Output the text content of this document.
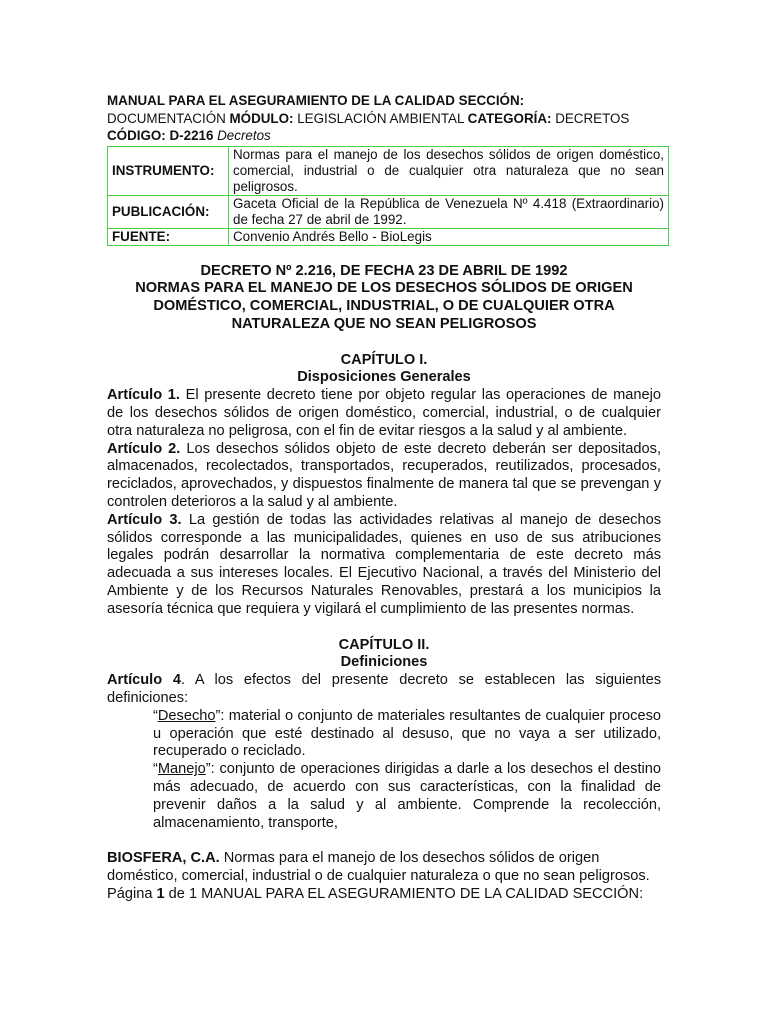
MANUAL PARA EL ASEGURAMIENTO DE LA CALIDAD SECCIÓN:
DOCUMENTACIÓN MÓDULO: LEGISLACIÓN AMBIENTAL CATEGORÍA: DECRETOS
CÓDIGO: D-2216 Decretos
INSTRUMENTO:	Normas para el manejo de los desechos sólidos de origen doméstico, comercial, industrial o de cualquier otra naturaleza que no sean peligrosos.
PUBLICACIÓN:	Gaceta Oficial de la República de Venezuela Nº 4.418 (Extraordinario) de fecha 27 de abril de 1992.
FUENTE:	Convenio Andrés Bello - BioLegis
DECRETO Nº 2.216, DE FECHA 23 DE ABRIL DE 1992
NORMAS PARA EL MANEJO DE LOS DESECHOS SÓLIDOS DE ORIGEN
DOMÉSTICO, COMERCIAL, INDUSTRIAL, O DE CUALQUIER OTRA
NATURALEZA QUE NO SEAN PELIGROSOS
CAPÍTULO I.
Disposiciones Generales

Artículo 1. El presente decreto tiene por objeto regular las operaciones de manejo de los desechos sólidos de origen doméstico, comercial, industrial, o de cualquier otra naturaleza no peligrosa, con el fin de evitar riesgos a la salud y al ambiente.

Artículo 2. Los desechos sólidos objeto de este decreto deberán ser depositados, almacenados, recolectados, transportados, recuperados, reutilizados, procesados, reciclados, aprovechados, y dispuestos finalmente de manera tal que se prevengan y controlen deterioros a la salud y al ambiente.

Artículo 3. La gestión de todas las actividades relativas al manejo de desechos sólidos corresponde a las municipalidades, quienes en uso de sus atribuciones legales podrán desarrollar la normativa complementaria de este decreto más adecuada a sus intereses locales. El Ejecutivo Nacional, a través del Ministerio del Ambiente y de los Recursos Naturales Renovables, prestará a los municipios la asesoría técnica que requiera y vigilará el cumplimiento de las presentes normas.

CAPÍTULO II.
Definiciones

Artículo 4. A los efectos del presente decreto se establecen las siguientes definiciones:

“Desecho”: material o conjunto de materiales resultantes de cualquier proceso u operación que esté destinado al desuso, que no vaya a ser utilizado, recuperado o reciclado.

“Manejo”: conjunto de operaciones dirigidas a darle a los desechos el destino más adecuado, de acuerdo con sus características, con la finalidad de prevenir daños a la salud y al ambiente. Comprende la recolección, almacenamiento, transporte,

BIOSFERA, C.A. Normas para el manejo de los desechos sólidos de origen doméstico, comercial, industrial o de cualquier naturaleza o que no sean peligrosos.
Página 1 de 1 MANUAL PARA EL ASEGURAMIENTO DE LA CALIDAD SECCIÓN:
